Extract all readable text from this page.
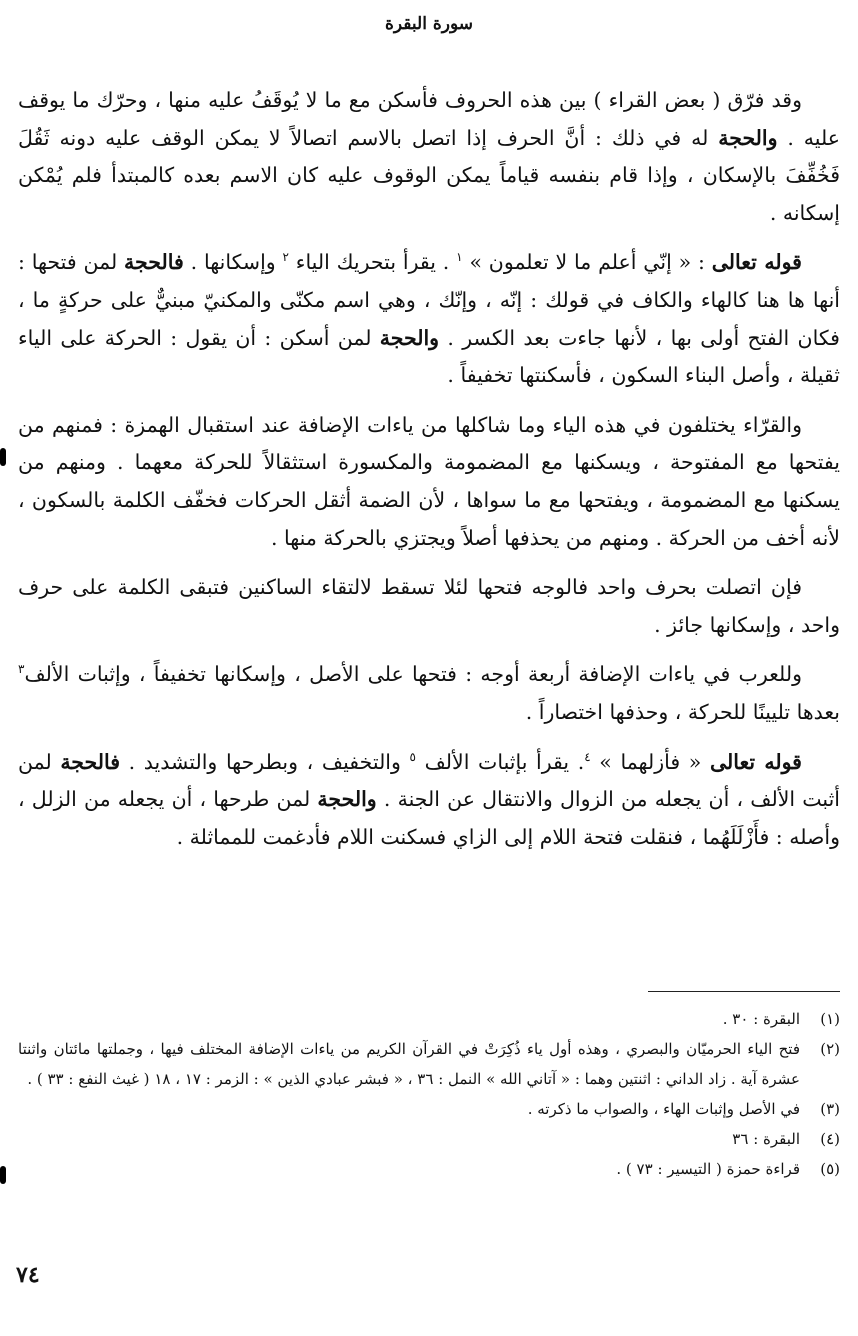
سورة البقرة

وقد فرّق ( بعض القراء ) بين هذه الحروف فأسكن مع ما لا يُوقَفُ عليه منها ، وحرّك ما يوقف عليه . والحجة له في ذلك : أنَّ الحرف إذا اتصل بالاسم اتصالاً لا يمكن الوقف عليه دونه ثَقُلَ فَخُفِّفَ بالإسكان ، وإذا قام بنفسه قياماً يمكن الوقوف عليه كان الاسم بعده كالمبتدأ فلم يُمْكن إسكانه .

قوله تعالى : « إنّي أعلم ما لا تعلمون » $^١$ . يقرأ بتحريك الياء $^٢$ وإسكانها . فالحجة لمن فتحها : أنها ها هنا كالهاء والكاف في قولك : إنّه ، وإنّك ، وهي اسم مكنّى والمكنيّ مبنيٌّ على حركةٍ ما ، فكان الفتح أولى بها ، لأنها جاءت بعد الكسر . والحجة لمن أسكن : أن يقول : الحركة على الياء ثقيلة ، وأصل البناء السكون ، فأسكنتها تخفيفاً .

والقرّاء يختلفون في هذه الياء وما شاكلها من ياءات الإضافة عند استقبال الهمزة : فمنهم من يفتحها مع المفتوحة ، ويسكنها مع المضمومة والمكسورة استثقالاً للحركة معهما . ومنهم من يسكنها مع المضمومة ، ويفتحها مع ما سواها ، لأن الضمة أثقل الحركات فخفّف الكلمة بالسكون ، لأنه أخف من الحركة . ومنهم من يحذفها أصلاً ويجتزي بالحركة منها .

فإن اتصلت بحرف واحد فالوجه فتحها لئلا تسقط لالتقاء الساكنين فتبقى الكلمة على حرف واحد ، وإسكانها جائز .

وللعرب في ياءات الإضافة أربعة أوجه : فتحها على الأصل ، وإسكانها تخفيفاً ، وإثبات الألف$^٣$ بعدها تليينًا للحركة ، وحذفها اختصاراً .

قوله تعالى « فأزلهما » $^٤$. يقرأ بإثبات الألف $^٥$ والتخفيف ، وبطرحها والتشديد . فالحجة لمن أثبت الألف ، أن يجعله من الزوال والانتقال عن الجنة . والحجة لمن طرحها ، أن يجعله من الزلل ، وأصله : فأَزْلَلَهُما ، فنقلت فتحة اللام إلى الزاي فسكنت اللام فأدغمت للمماثلة .

(١)
البقرة : ٣٠ .
(٢)
فتح الياء الحرميّان والبصري ، وهذه أول ياء ذُكِرَتْ في القرآن الكريم من ياءات الإضافة المختلف فيها ، وجملتها مائتان واثنتا عشرة آية . زاد الداني : اثنتين وهما : « آتاني الله » النمل : ٣٦ ، « فبشر عبادي الذين » : الزمر : ١٧ ، ١٨ ( غيث النفع : ٣٣ ) .
(٣)
في الأصل وإثبات الهاء ، والصواب ما ذكرته .
(٤)
البقرة : ٣٦
(٥)
قراءة حمزة ( التيسير : ٧٣ ) .
٧٤
